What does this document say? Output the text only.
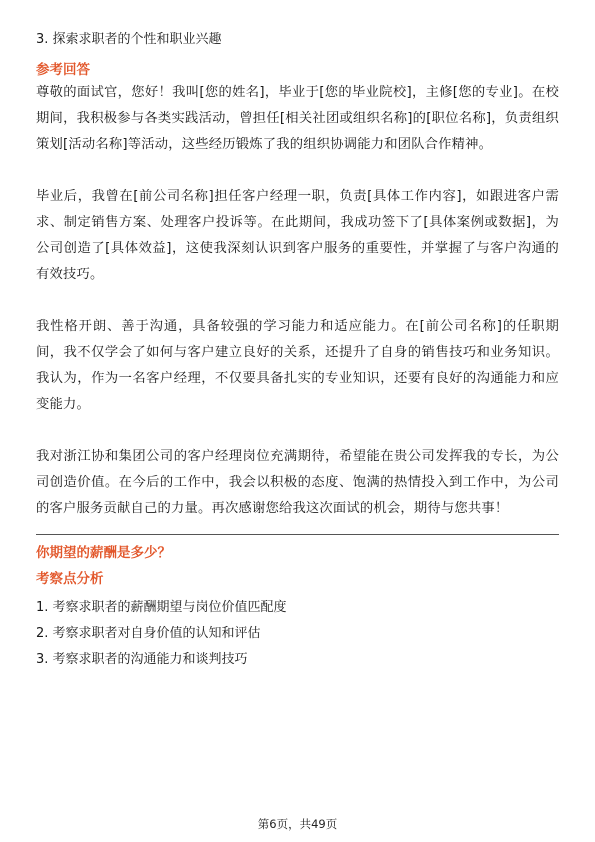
3. 探索求职者的个性和职业兴趣

参考回答

尊敬的面试官，您好！我叫[您的姓名]，毕业于[您的毕业院校]，主修[您的专业]。在校期间，我积极参与各类实践活动，曾担任[相关社团或组织名称]的[职位名称]，负责组织策划[活动名称]等活动，这些经历锻炼了我的组织协调能力和团队合作精神。

毕业后，我曾在[前公司名称]担任客户经理一职，负责[具体工作内容]，如跟进客户需求、制定销售方案、处理客户投诉等。在此期间，我成功签下了[具体案例或数据]，为公司创造了[具体效益]，这使我深刻认识到客户服务的重要性，并掌握了与客户沟通的有效技巧。

我性格开朗、善于沟通，具备较强的学习能力和适应能力。在[前公司名称]的任职期间，我不仅学会了如何与客户建立良好的关系，还提升了自身的销售技巧和业务知识。我认为，作为一名客户经理，不仅要具备扎实的专业知识，还要有良好的沟通能力和应变能力。

我对浙江协和集团公司的客户经理岗位充满期待，希望能在贵公司发挥我的专长，为公司创造价值。在今后的工作中，我会以积极的态度、饱满的热情投入到工作中，为公司的客户服务贡献自己的力量。再次感谢您给我这次面试的机会，期待与您共事！

你期望的薪酬是多少？

考察点分析

1. 考察求职者的薪酬期望与岗位价值匹配度
2. 考察求职者对自身价值的认知和评估
3. 考察求职者的沟通能力和谈判技巧
第6页，共49页
